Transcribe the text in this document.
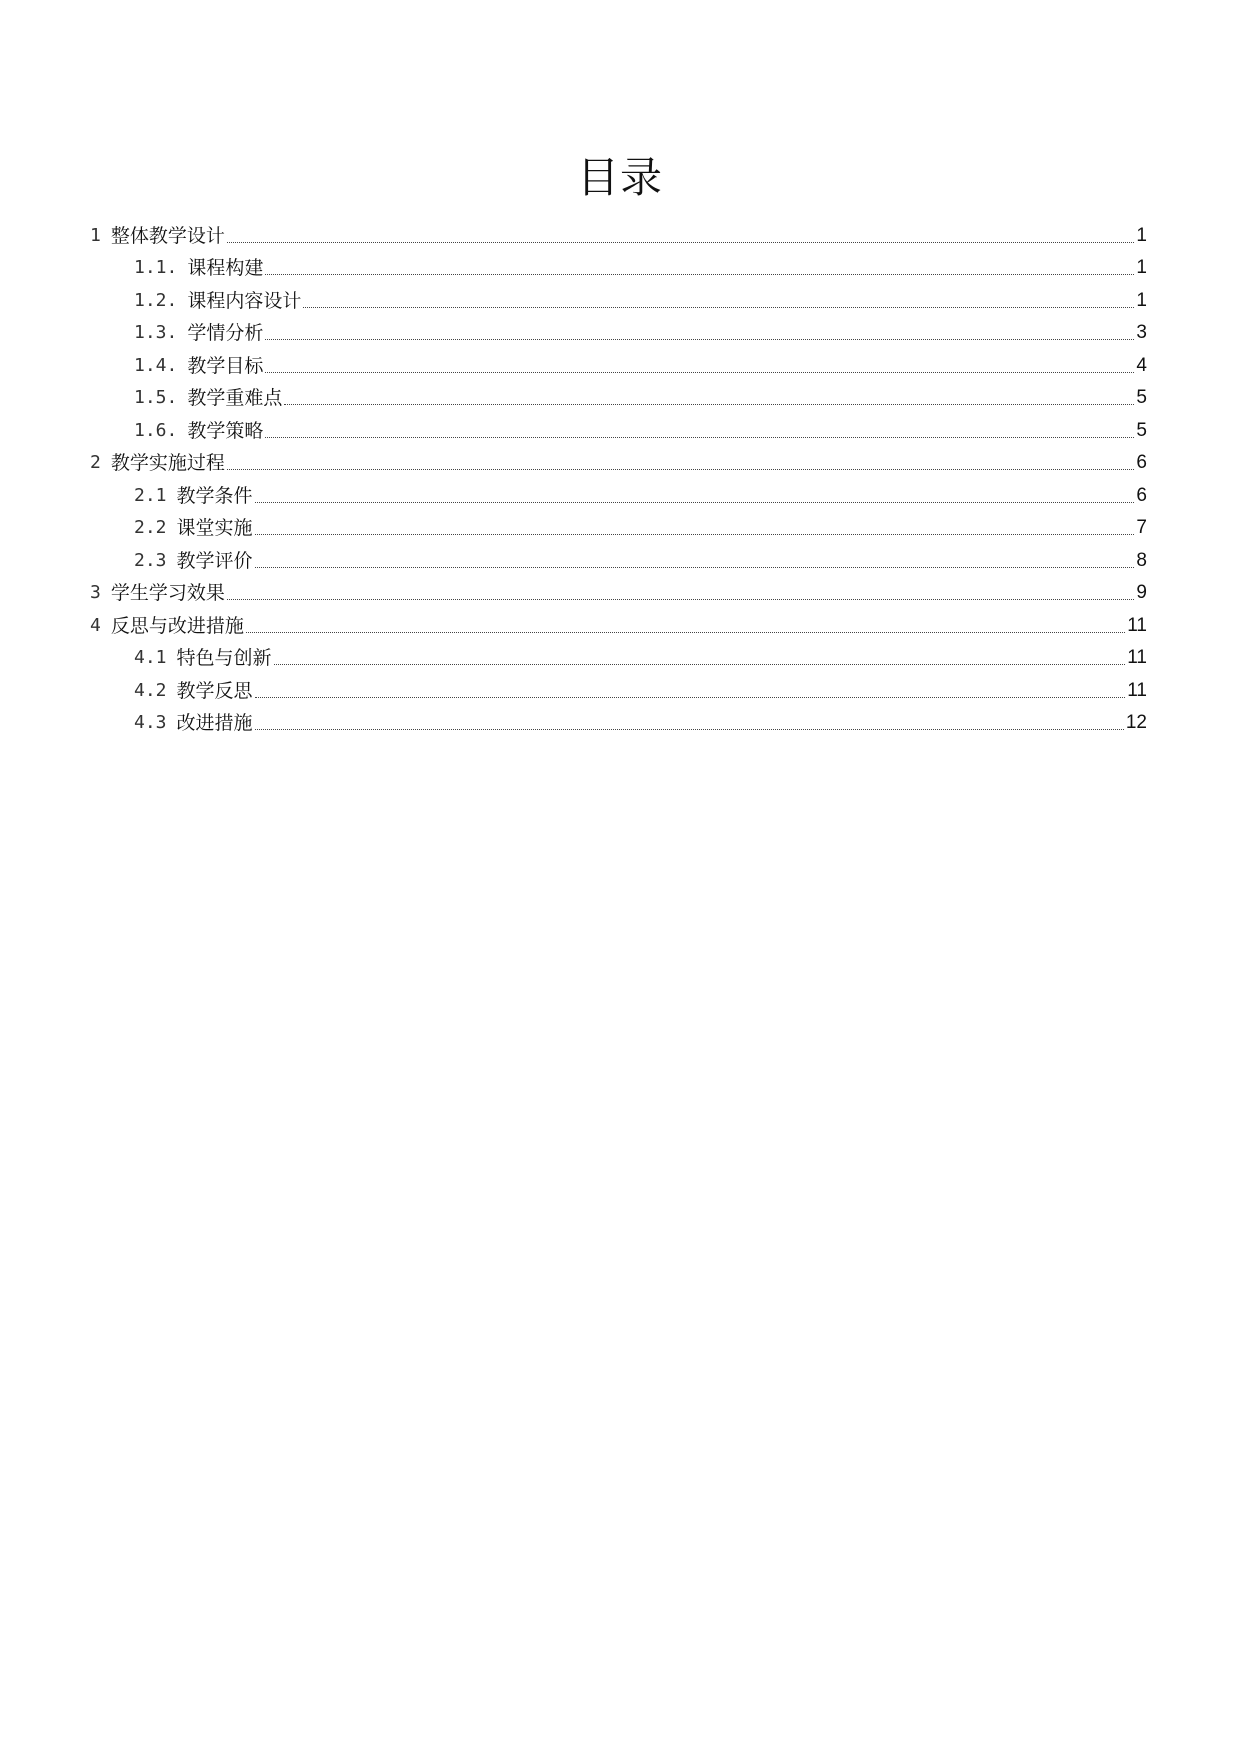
目录
1 整体教学设计	1
1.1. 课程构建	1
1.2. 课程内容设计	1
1.3. 学情分析	3
1.4. 教学目标	4
1.5. 教学重难点	5
1.6. 教学策略	5
2 教学实施过程	6
2.1 教学条件	6
2.2 课堂实施	7
2.3 教学评价	8
3 学生学习效果	9
4 反思与改进措施	11
4.1 特色与创新	11
4.2 教学反思	11
4.3 改进措施	12
